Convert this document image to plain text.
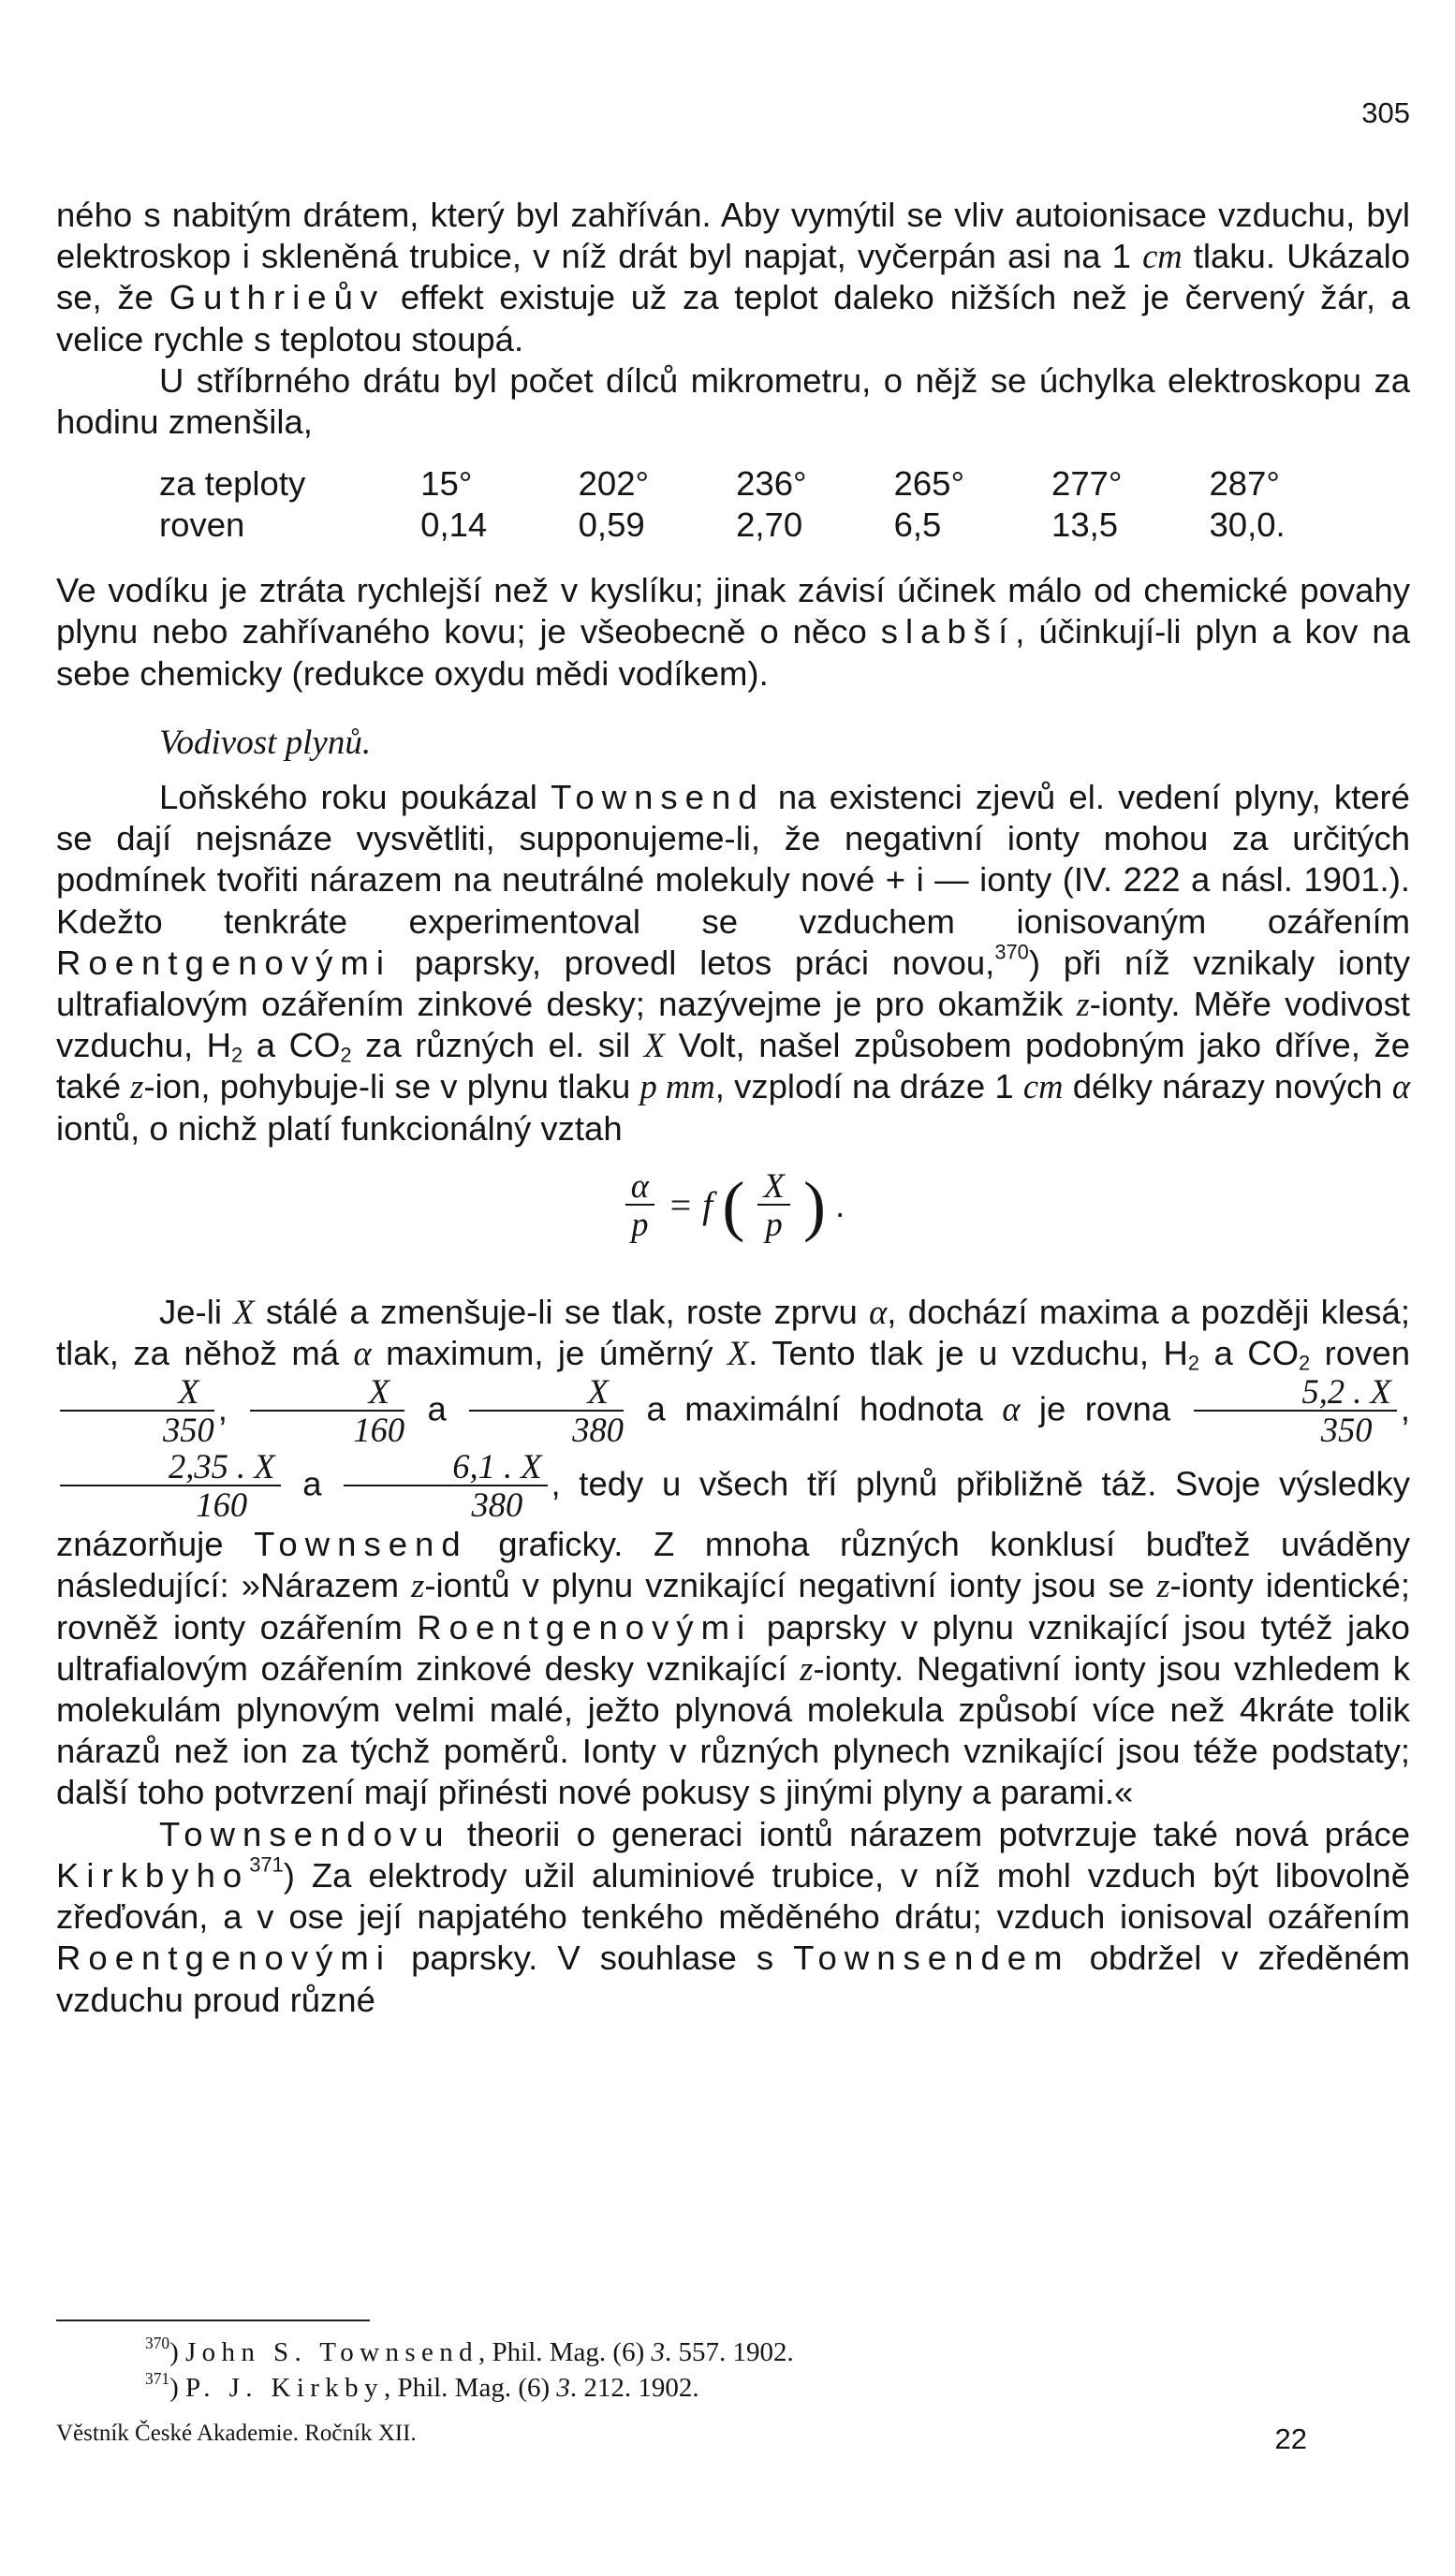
305

ného s nabitým drátem, který byl zahříván. Aby vymýtil se vliv autoionisace vzduchu, byl elektroskop i skleněná trubice, v níž drát byl napjat, vyčerpán asi na 1 cm tlaku. Ukázalo se, že Guthrieův effekt existuje už za teplot daleko nižších než je červený žár, a velice rychle s teplotou stoupá.

U stříbrného drátu byl počet dílců mikrometru, o nějž se úchylka elektroskopu za hodinu zmenšila,

za teploty	15°	202°	236°	265°	277°	287°
roven	0,14	0,59	2,70	6,5	13,5	30,0.

Ve vodíku je ztráta rychlejší než v kyslíku; jinak závisí účinek málo od chemické povahy plynu nebo zahřívaného kovu; je všeobecně o něco slabší, účinkují-li plyn a kov na sebe chemicky (redukce oxydu mědi vodíkem).

Vodivost plynů.

Loňského roku poukázal Townsend na existenci zjevů el. vedení plyny, které se dají nejsnáze vysvětliti, supponujeme-li, že negativní ionty mohou za určitých podmínek tvořiti nárazem na neutrálné molekuly nové + i — ionty (IV. 222 a násl. 1901.). Kdežto tenkráte experimentoval se vzduchem ionisovaným ozářením Roentgenovými paprsky, provedl letos práci novou,$^{370}$) při níž vznikaly ionty ultrafialovým ozářením zinkové desky; nazývejme je pro okamžik z-ionty. Měře vodivost vzduchu, $H_2$ a $CO_2$ za různých el. sil X Volt, našel způsobem podobným jako dříve, že také z-ion, pohybuje-li se v plynu tlaku p mm, vzplodí na dráze 1 cm délky nárazy nových α iontů, o nichž platí funkcionálný vztah

$\frac{\alpha}{p} = f$ ( $\frac{X}{p}$ ) .

Je-li X stálé a zmenšuje-li se tlak, roste zprvu α, dochází maxima a později klesá; tlak, za něhož má α maximum, je úměrný X. Tento tlak je u vzduchu, $H_2$ a $CO_2$ roven
$\frac{X}{350}$ , $\frac{X}{160}$ a $\frac{X}{380}$ a maximální hodnota α je rovna $\frac{5,2 . X}{350}$ ,
$\frac{2,35 . X}{160}$ a $\frac{6,1 . X}{380}$ , tedy u všech tří plynů přibližně táž. Svoje výsledky znázorňuje Townsend graficky. Z mnoha různých konklusí buďtež uváděny následující: »Nárazem z-iontů v plynu vznikající negativní ionty jsou se z-ionty identické; rovněž ionty ozářením Roentgenovými paprsky v plynu vznikající jsou tytéž jako ultrafialovým ozářením zinkové desky vznikající z-ionty. Negativní ionty jsou vzhledem k molekulám plynovým velmi malé, ježto plynová molekula způsobí více než 4kráte tolik nárazů než ion za týchž poměrů. Ionty v různých plynech vznikající jsou téže podstaty; další toho potvrzení mají přinésti nové pokusy s jinými plyny a parami.«

Townsendovu theorii o generaci iontů nárazem potvrzuje také nová práce Kirkbyho$^{371}$) Za elektrody užil aluminiové trubice, v níž mohl vzduch být libovolně zřeďován, a v ose její napjatého tenkého měděného drátu; vzduch ionisoval ozářením Roentgenovými paprsky. V souhlase s Townsendem obdržel v zředěném vzduchu proud různé

$^{370}$) John S. Townsend, Phil. Mag. (6) 3. 557. 1902.
$^{371}$) P. J. Kirkby, Phil. Mag. (6) 3. 212. 1902.
Věstník České Akademie. Ročník XII.	22
